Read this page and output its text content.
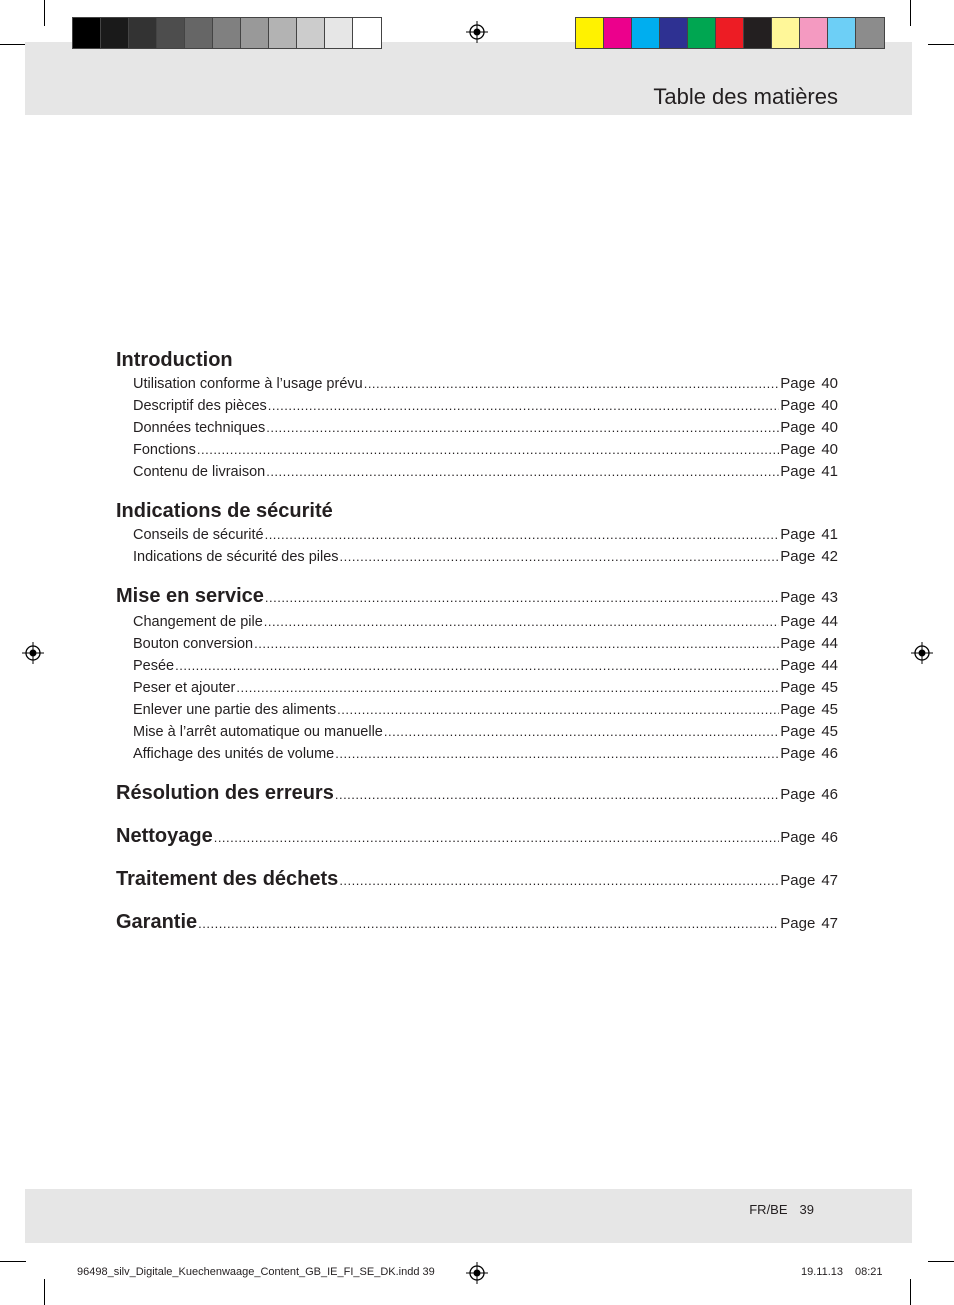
Table des matières
Introduction
Utilisation conforme à l’usage prévu .....	Page 40
Descriptif des pièces .....	Page 40
Données techniques .....	Page 40
Fonctions .....	Page 40
Contenu de livraison .....	Page 41
Indications de sécurité
Conseils de sécurité .....	Page 41
Indications de sécurité des piles .....	Page 42
Mise en service .....	Page 43
Changement de pile .....	Page 44
Bouton conversion .....	Page 44
Pesée .....	Page 44
Peser et ajouter .....	Page 45
Enlever une partie des aliments .....	Page 45
Mise à l’arrêt automatique ou manuelle .....	Page 45
Affichage des unités de volume .....	Page 46
Résolution des erreurs .....	Page 46
Nettoyage .....	Page 46
Traitement des déchets .....	Page 47
Garantie .....	Page 47
FR/BE 39
96498_silv_Digitale_Kuechenwaage_Content_GB_IE_FI_SE_DK.indd 39	19.11.13 08:21
